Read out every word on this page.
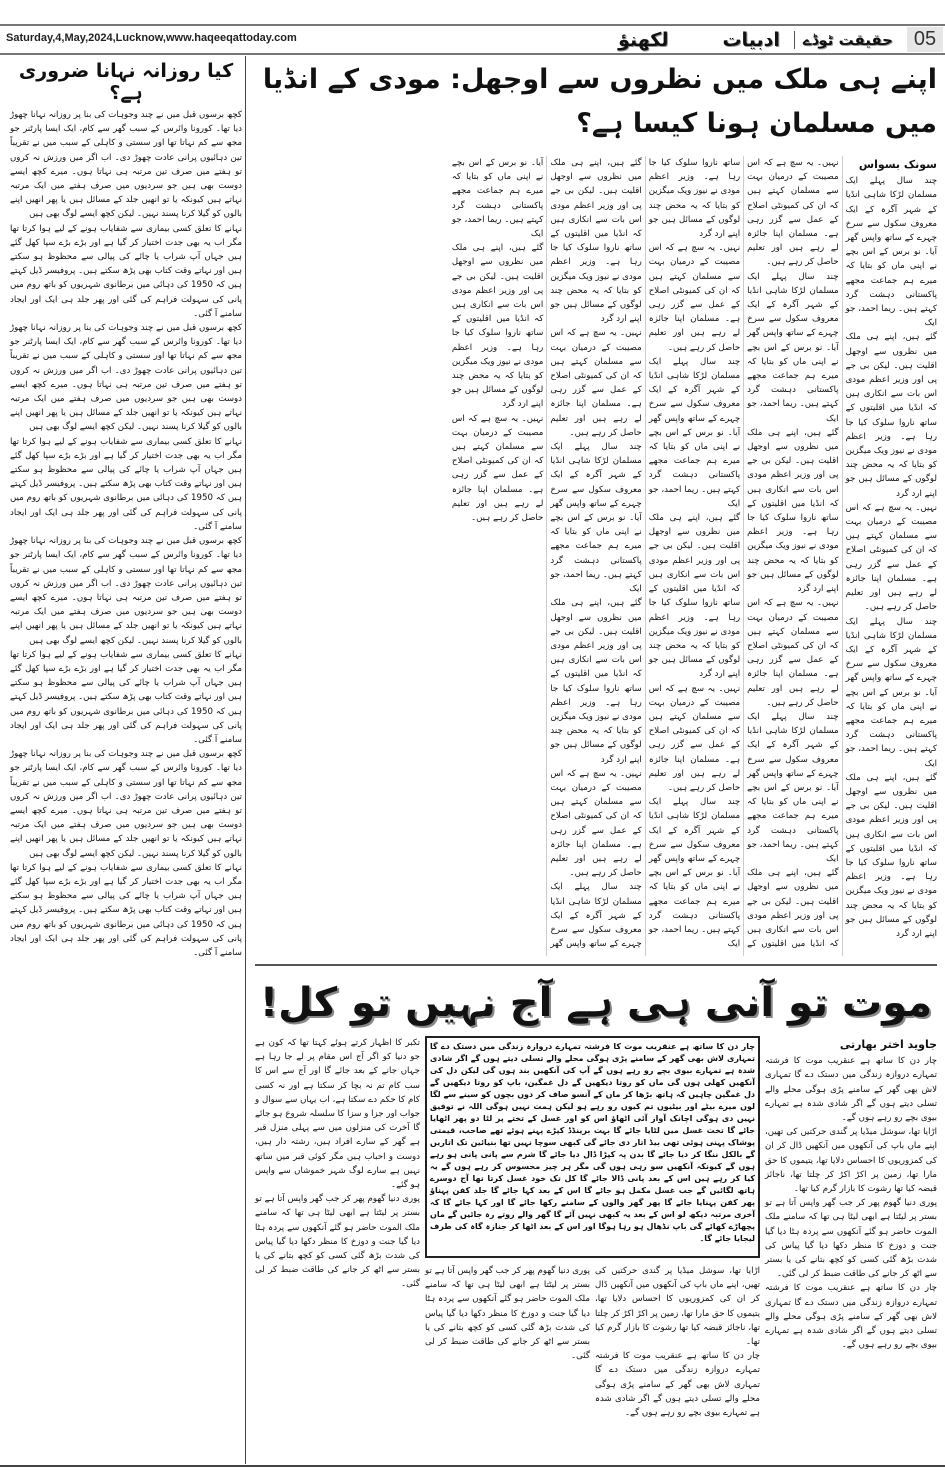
Saturday,4,May,2024,Lucknow,www.haqeeqattoday.com	05
حقیقت ٹوڈے
ادبیات
لکھنؤ
کیا روزانہ نہانا ضروری ہے؟

کچھ برسوں قبل میں نے چند وجوہات کی بنا پر روزانہ نہانا چھوڑ دیا تھا۔ کورونا وائرس کے سبب گھر سے کام، ایک ایسا پارٹنر جو مجھ سے کم نہاتا تھا اور سستی و کاہلی کے سبب میں نے تقریباً تین دہائیوں پرانی عادت چھوڑ دی۔ اب اگر میں ورزش نہ کروں تو ہفتے میں صرف تین مرتبہ ہی نہاتا ہوں۔ میرے کچھ ایسے دوست بھی ہیں جو سردیوں میں صرف ہفتے میں ایک مرتبہ نہاتے ہیں کیونکہ یا تو انھیں جلد کے مسائل ہیں یا پھر انھیں اپنے بالوں کو گیلا کرنا پسند نہیں۔ لیکن کچھ ایسے لوگ بھی ہیں

نہانے کا تعلق کسی بیماری سے شفایاب ہونے کے لیے ہوا کرتا تھا مگر اب یہ بھی جدت اختیار کر گیا ہے اور بڑے بڑے سپا کھل گئے ہیں جہاں آپ شراب یا چائے کی پیالی سے محظوظ ہو سکتے ہیں اور نہاتے وقت کتاب بھی پڑھ سکتے ہیں۔ پروفیسر ڈیل کہتے ہیں کہ 1950 کی دہائی میں برطانوی شہریوں کو باتھ روم میں پانی کی سہولت فراہم کی گئی اور پھر جلد ہی ایک اور ایجاد سامنے آ گئی۔

کچھ برسوں قبل میں نے چند وجوہات کی بنا پر روزانہ نہانا چھوڑ دیا تھا۔ کورونا وائرس کے سبب گھر سے کام، ایک ایسا پارٹنر جو مجھ سے کم نہاتا تھا اور سستی و کاہلی کے سبب میں نے تقریباً تین دہائیوں پرانی عادت چھوڑ دی۔ اب اگر میں ورزش نہ کروں تو ہفتے میں صرف تین مرتبہ ہی نہاتا ہوں۔ میرے کچھ ایسے دوست بھی ہیں جو سردیوں میں صرف ہفتے میں ایک مرتبہ نہاتے ہیں کیونکہ یا تو انھیں جلد کے مسائل ہیں یا پھر انھیں اپنے بالوں کو گیلا کرنا پسند نہیں۔ لیکن کچھ ایسے لوگ بھی ہیں

نہانے کا تعلق کسی بیماری سے شفایاب ہونے کے لیے ہوا کرتا تھا مگر اب یہ بھی جدت اختیار کر گیا ہے اور بڑے بڑے سپا کھل گئے ہیں جہاں آپ شراب یا چائے کی پیالی سے محظوظ ہو سکتے ہیں اور نہاتے وقت کتاب بھی پڑھ سکتے ہیں۔ پروفیسر ڈیل کہتے ہیں کہ 1950 کی دہائی میں برطانوی شہریوں کو باتھ روم میں پانی کی سہولت فراہم کی گئی اور پھر جلد ہی ایک اور ایجاد سامنے آ گئی۔

کچھ برسوں قبل میں نے چند وجوہات کی بنا پر روزانہ نہانا چھوڑ دیا تھا۔ کورونا وائرس کے سبب گھر سے کام، ایک ایسا پارٹنر جو مجھ سے کم نہاتا تھا اور سستی و کاہلی کے سبب میں نے تقریباً تین دہائیوں پرانی عادت چھوڑ دی۔ اب اگر میں ورزش نہ کروں تو ہفتے میں صرف تین مرتبہ ہی نہاتا ہوں۔ میرے کچھ ایسے دوست بھی ہیں جو سردیوں میں صرف ہفتے میں ایک مرتبہ نہاتے ہیں کیونکہ یا تو انھیں جلد کے مسائل ہیں یا پھر انھیں اپنے بالوں کو گیلا کرنا پسند نہیں۔ لیکن کچھ ایسے لوگ بھی ہیں

نہانے کا تعلق کسی بیماری سے شفایاب ہونے کے لیے ہوا کرتا تھا مگر اب یہ بھی جدت اختیار کر گیا ہے اور بڑے بڑے سپا کھل گئے ہیں جہاں آپ شراب یا چائے کی پیالی سے محظوظ ہو سکتے ہیں اور نہاتے وقت کتاب بھی پڑھ سکتے ہیں۔ پروفیسر ڈیل کہتے ہیں کہ 1950 کی دہائی میں برطانوی شہریوں کو باتھ روم میں پانی کی سہولت فراہم کی گئی اور پھر جلد ہی ایک اور ایجاد سامنے آ گئی۔

کچھ برسوں قبل میں نے چند وجوہات کی بنا پر روزانہ نہانا چھوڑ دیا تھا۔ کورونا وائرس کے سبب گھر سے کام، ایک ایسا پارٹنر جو مجھ سے کم نہاتا تھا اور سستی و کاہلی کے سبب میں نے تقریباً تین دہائیوں پرانی عادت چھوڑ دی۔ اب اگر میں ورزش نہ کروں تو ہفتے میں صرف تین مرتبہ ہی نہاتا ہوں۔ میرے کچھ ایسے دوست بھی ہیں جو سردیوں میں صرف ہفتے میں ایک مرتبہ نہاتے ہیں کیونکہ یا تو انھیں جلد کے مسائل ہیں یا پھر انھیں اپنے بالوں کو گیلا کرنا پسند نہیں۔ لیکن کچھ ایسے لوگ بھی ہیں

نہانے کا تعلق کسی بیماری سے شفایاب ہونے کے لیے ہوا کرتا تھا مگر اب یہ بھی جدت اختیار کر گیا ہے اور بڑے بڑے سپا کھل گئے ہیں جہاں آپ شراب یا چائے کی پیالی سے محظوظ ہو سکتے ہیں اور نہاتے وقت کتاب بھی پڑھ سکتے ہیں۔ پروفیسر ڈیل کہتے ہیں کہ 1950 کی دہائی میں برطانوی شہریوں کو باتھ روم میں پانی کی سہولت فراہم کی گئی اور پھر جلد ہی ایک اور ایجاد سامنے آ گئی۔

اپنے ہی ملک میں نظروں سے اوجھل: مودی کے انڈیا میں مسلمان ہونا کیسا ہے؟
سونک بسواس

چند سال پہلے ایک مسلمان لڑکا شاہی انڈیا کے شہر آگرہ کے ایک معروف سکول سے سرخ چہرے کے ساتھ واپس گھر آیا۔ نو برس کے اس بچے نے اپنی ماں کو بتایا کہ میرے ہم جماعت مجھے پاکستانی دہشت گرد کہتے ہیں۔ ریما احمد، جو ایک

گئے ہیں، اپنے ہی ملک میں نظروں سے اوجھل اقلیت ہیں۔ لیکن بی جے پی اور وزیر اعظم مودی اس بات سے انکاری ہیں کہ انڈیا میں اقلیتوں کے ساتھ ناروا سلوک کیا جا رہا ہے۔ وزیر اعظم مودی نے نیوز ویک میگزین کو بتایا کہ یہ محض چند لوگوں کے مسائل ہیں جو اپنے ارد گرد

نہیں۔ یہ سچ ہے کہ اس مصیبت کے درمیان بہت سے مسلمان کہتے ہیں کہ ان کی کمیونٹی اصلاح کے عمل سے گزر رہی ہے۔ مسلمان اپنا جائزہ لے رہے ہیں اور تعلیم حاصل کر رہے ہیں۔

چند سال پہلے ایک مسلمان لڑکا شاہی انڈیا کے شہر آگرہ کے ایک معروف سکول سے سرخ چہرے کے ساتھ واپس گھر آیا۔ نو برس کے اس بچے نے اپنی ماں کو بتایا کہ میرے ہم جماعت مجھے پاکستانی دہشت گرد کہتے ہیں۔ ریما احمد، جو ایک

گئے ہیں، اپنے ہی ملک میں نظروں سے اوجھل اقلیت ہیں۔ لیکن بی جے پی اور وزیر اعظم مودی اس بات سے انکاری ہیں کہ انڈیا میں اقلیتوں کے ساتھ ناروا سلوک کیا جا رہا ہے۔ وزیر اعظم مودی نے نیوز ویک میگزین کو بتایا کہ یہ محض چند لوگوں کے مسائل ہیں جو اپنے ارد گرد

نہیں۔ یہ سچ ہے کہ اس مصیبت کے درمیان بہت سے مسلمان کہتے ہیں کہ ان کی کمیونٹی اصلاح کے عمل سے گزر رہی ہے۔ مسلمان اپنا جائزہ لے رہے ہیں اور تعلیم حاصل کر رہے ہیں۔

چند سال پہلے ایک مسلمان لڑکا شاہی انڈیا کے شہر آگرہ کے ایک معروف سکول سے سرخ چہرے کے ساتھ واپس گھر آیا۔ نو برس کے اس بچے نے اپنی ماں کو بتایا کہ میرے ہم جماعت مجھے پاکستانی دہشت گرد کہتے ہیں۔ ریما احمد، جو ایک

گئے ہیں، اپنے ہی ملک میں نظروں سے اوجھل اقلیت ہیں۔ لیکن بی جے پی اور وزیر اعظم مودی اس بات سے انکاری ہیں کہ انڈیا میں اقلیتوں کے ساتھ ناروا سلوک کیا جا رہا ہے۔ وزیر اعظم مودی نے نیوز ویک میگزین کو بتایا کہ یہ محض چند لوگوں کے مسائل ہیں جو اپنے ارد گرد

نہیں۔ یہ سچ ہے کہ اس مصیبت کے درمیان بہت سے مسلمان کہتے ہیں کہ ان کی کمیونٹی اصلاح کے عمل سے گزر رہی ہے۔ مسلمان اپنا جائزہ لے رہے ہیں اور تعلیم حاصل کر رہے ہیں۔

چند سال پہلے ایک مسلمان لڑکا شاہی انڈیا کے شہر آگرہ کے ایک معروف سکول سے سرخ چہرے کے ساتھ واپس گھر آیا۔ نو برس کے اس بچے نے اپنی ماں کو بتایا کہ میرے ہم جماعت مجھے پاکستانی دہشت گرد کہتے ہیں۔ ریما احمد، جو ایک

گئے ہیں، اپنے ہی ملک میں نظروں سے اوجھل اقلیت ہیں۔ لیکن بی جے پی اور وزیر اعظم مودی اس بات سے انکاری ہیں کہ انڈیا میں اقلیتوں کے ساتھ ناروا سلوک کیا جا رہا ہے۔ وزیر اعظم مودی نے نیوز ویک میگزین کو بتایا کہ یہ محض چند لوگوں کے مسائل ہیں جو اپنے ارد گرد

نہیں۔ یہ سچ ہے کہ اس مصیبت کے درمیان بہت سے مسلمان کہتے ہیں کہ ان کی کمیونٹی اصلاح کے عمل سے گزر رہی ہے۔ مسلمان اپنا جائزہ لے رہے ہیں اور تعلیم حاصل کر رہے ہیں۔

چند سال پہلے ایک مسلمان لڑکا شاہی انڈیا کے شہر آگرہ کے ایک معروف سکول سے سرخ چہرے کے ساتھ واپس گھر آیا۔ نو برس کے اس بچے نے اپنی ماں کو بتایا کہ میرے ہم جماعت مجھے پاکستانی دہشت گرد کہتے ہیں۔ ریما احمد، جو ایک

گئے ہیں، اپنے ہی ملک میں نظروں سے اوجھل اقلیت ہیں۔ لیکن بی جے پی اور وزیر اعظم مودی اس بات سے انکاری ہیں کہ انڈیا میں اقلیتوں کے ساتھ ناروا سلوک کیا جا رہا ہے۔ وزیر اعظم مودی نے نیوز ویک میگزین کو بتایا کہ یہ محض چند لوگوں کے مسائل ہیں جو اپنے ارد گرد

نہیں۔ یہ سچ ہے کہ اس مصیبت کے درمیان بہت سے مسلمان کہتے ہیں کہ ان کی کمیونٹی اصلاح کے عمل سے گزر رہی ہے۔ مسلمان اپنا جائزہ لے رہے ہیں اور تعلیم حاصل کر رہے ہیں۔

چند سال پہلے ایک مسلمان لڑکا شاہی انڈیا کے شہر آگرہ کے ایک معروف سکول سے سرخ چہرے کے ساتھ واپس گھر آیا۔ نو برس کے اس بچے نے اپنی ماں کو بتایا کہ میرے ہم جماعت مجھے پاکستانی دہشت گرد کہتے ہیں۔ ریما احمد، جو ایک

گئے ہیں، اپنے ہی ملک میں نظروں سے اوجھل اقلیت ہیں۔ لیکن بی جے پی اور وزیر اعظم مودی اس بات سے انکاری ہیں کہ انڈیا میں اقلیتوں کے ساتھ ناروا سلوک کیا جا رہا ہے۔ وزیر اعظم مودی نے نیوز ویک میگزین کو بتایا کہ یہ محض چند لوگوں کے مسائل ہیں جو اپنے ارد گرد

نہیں۔ یہ سچ ہے کہ اس مصیبت کے درمیان بہت سے مسلمان کہتے ہیں کہ ان کی کمیونٹی اصلاح کے عمل سے گزر رہی ہے۔ مسلمان اپنا جائزہ لے رہے ہیں اور تعلیم حاصل کر رہے ہیں۔

چند سال پہلے ایک مسلمان لڑکا شاہی انڈیا کے شہر آگرہ کے ایک معروف سکول سے سرخ چہرے کے ساتھ واپس گھر آیا۔ نو برس کے اس بچے نے اپنی ماں کو بتایا کہ میرے ہم جماعت مجھے پاکستانی دہشت گرد کہتے ہیں۔ ریما احمد، جو ایک

گئے ہیں، اپنے ہی ملک میں نظروں سے اوجھل اقلیت ہیں۔ لیکن بی جے پی اور وزیر اعظم مودی اس بات سے انکاری ہیں کہ انڈیا میں اقلیتوں کے ساتھ ناروا سلوک کیا جا رہا ہے۔ وزیر اعظم مودی نے نیوز ویک میگزین کو بتایا کہ یہ محض چند لوگوں کے مسائل ہیں جو اپنے ارد گرد

نہیں۔ یہ سچ ہے کہ اس مصیبت کے درمیان بہت سے مسلمان کہتے ہیں کہ ان کی کمیونٹی اصلاح کے عمل سے گزر رہی ہے۔ مسلمان اپنا جائزہ لے رہے ہیں اور تعلیم حاصل کر رہے ہیں۔

چند سال پہلے ایک مسلمان لڑکا شاہی انڈیا کے شہر آگرہ کے ایک معروف سکول سے سرخ چہرے کے ساتھ واپس گھر آیا۔ نو برس کے اس بچے نے اپنی ماں کو بتایا کہ میرے ہم جماعت مجھے پاکستانی دہشت گرد کہتے ہیں۔ ریما احمد، جو ایک

گئے ہیں، اپنے ہی ملک میں نظروں سے اوجھل اقلیت ہیں۔ لیکن بی جے پی اور وزیر اعظم مودی اس بات سے انکاری ہیں کہ انڈیا میں اقلیتوں کے ساتھ ناروا سلوک کیا جا رہا ہے۔ وزیر اعظم مودی نے نیوز ویک میگزین کو بتایا کہ یہ محض چند لوگوں کے مسائل ہیں جو اپنے ارد گرد

نہیں۔ یہ سچ ہے کہ اس مصیبت کے درمیان بہت سے مسلمان کہتے ہیں کہ ان کی کمیونٹی اصلاح کے عمل سے گزر رہی ہے۔ مسلمان اپنا جائزہ لے رہے ہیں اور تعلیم حاصل کر رہے ہیں۔

موت تو آنی ہی ہے آج نہیں تو کل!
جاوید اختر بھارتی

چار دن کا ساتھ ہے عنقریب موت کا فرشتہ تمہارے دروازہ زندگی میں دستک دے گا تمہاری لاش بھی گھر کے سامنے پڑی ہوگی محلے والے تسلی دیتے ہوں گے اگر شادی شدہ ہے تمہارے بیوی بچے رو رہے ہوں گے۔

اڑایا تھا، سوشل میڈیا پر گندی حرکتیں کی تھیں، اپنے ماں باپ کی آنکھوں میں آنکھیں ڈال کر ان کی کمزوریوں کا احساس دلایا تھا، یتیموں کا حق مارا تھا، زمین پر اکڑ اکڑ کر چلتا تھا، ناجائز قبضہ کیا تھا رشوت کا بازار گرم کیا تھا۔

پوری دنیا گھوم پھر کر جب گھر واپس آتا ہے تو بستر پر لیٹتا ہے ابھی لیٹا ہی تھا کہ سامنے ملک الموت حاضر ہو گئے آنکھوں سے پردہ ہٹا دیا گیا جنت و دوزخ کا منظر دکھا دیا گیا پیاس کی شدت بڑھ گئی کسی کو کچھ بتانے کی یا بستر سے اٹھ کر جانے کی طاقت ضبط کر لی گئی۔

چار دن کا ساتھ ہے عنقریب موت کا فرشتہ تمہارے دروازہ زندگی میں دستک دے گا تمہاری لاش بھی گھر کے سامنے پڑی ہوگی محلے والے تسلی دیتے ہوں گے اگر شادی شدہ ہے تمہارے بیوی بچے رو رہے ہوں گے۔

چار دن کا ساتھ ہے عنقریب موت کا فرشتہ تمہارے دروازہ زندگی میں دستک دے گا تمہاری لاش بھی گھر کے سامنے پڑی ہوگی محلے والے تسلی دیتے ہوں گے اگر شادی شدہ ہے تمہارے بیوی بچے رو رہے ہوں گے آپ کی آنکھیں بند ہوں گی لیکن دل کی آنکھیں کھلی ہوں گی ماں کو روتا دیکھیں گے دل غمگین، باپ کو روتا دیکھیں گے دل غمگین چاہیں کہ ہاتھ بڑھا کر ماں کے آنسو صاف کر دوں بچوں کو سینے سے لگا لوں میرے بیٹے اور بیٹیوں تم کیوں رو رہے ہو لیکن ہمت نہیں ہوگی اللہ نے توفیق نہیں دی ہوگی اچانک آواز آئی اٹھاؤ اس کو اور غسل کے تختے پر لٹا دو پھر اٹھایا جائے گا تخت غسل میں لٹایا جائے گا بہت برینڈڈ کپڑے پہنے ہوئے تھے صاحب، قیمتی پوشاک پہنی ہوئی تھی بیڈ اتار دی جائے گی کبھی سوچا نہیں تھا بنیائین تک اتاریں گے بالکل ننگا کر دیا جائے گا بدن پہ کپڑا ڈال دیا جائے گا شرم سے پانی پانی ہو رہے ہوں گے کیونکہ آنکھیں سو رہی ہوں گی مگر ہر چیز محسوس کر رہے ہوں گے یہ کیا کر رہے ہیں اس کے بعد پانی ڈالا جائے گا کل تک خود غسل کرتا تھا آج دوسرے ہاتھ لگائیں گے جب غسل مکمل ہو جائے گا اس کے بعد کہا جائے گا جلد کفن پہناؤ پھر کفن پہنایا جائے گا پھر گھر والوں کے سامنے رکھا جائے گا اور کہا جائے گا کہ آخری مرتبہ دیکھ لو اس کے بعد یہ کبھی نہیں آئے گا گھر والے روتے رہ جائیں گے ماں پچھاڑے کھائے گی باپ نڈھال ہو رہا ہوگا اور اس کے بعد اٹھا کر جنازہ گاہ کی طرف لیجایا جائے گا۔

اڑایا تھا، سوشل میڈیا پر گندی حرکتیں کی تھیں، اپنے ماں باپ کی آنکھوں میں آنکھیں ڈال کر ان کی کمزوریوں کا احساس دلایا تھا، یتیموں کا حق مارا تھا، زمین پر اکڑ اکڑ کر چلتا تھا، ناجائز قبضہ کیا تھا رشوت کا بازار گرم کیا تھا۔

چار دن کا ساتھ ہے عنقریب موت کا فرشتہ تمہارے دروازہ زندگی میں دستک دے گا تمہاری لاش بھی گھر کے سامنے پڑی ہوگی محلے والے تسلی دیتے ہوں گے اگر شادی شدہ ہے تمہارے بیوی بچے رو رہے ہوں گے۔

پوری دنیا گھوم پھر کر جب گھر واپس آتا ہے تو بستر پر لیٹتا ہے ابھی لیٹا ہی تھا کہ سامنے ملک الموت حاضر ہو گئے آنکھوں سے پردہ ہٹا دیا گیا جنت و دوزخ کا منظر دکھا دیا گیا پیاس کی شدت بڑھ گئی کسی کو کچھ بتانے کی یا بستر سے اٹھ کر جانے کی طاقت ضبط کر لی گئی۔

تکبر کا اظہار کرتے ہوئے کہتا تھا کہ کون ہے جو دنیا کو اگر آج اس مقام پر لے جا رہا ہے جہاں جانے کے بعد جائے گا اور آج سے اس کا سب کام تم نہ بچا کر سکتا ہے اور نہ کسی کام کا حکم دے سکتا ہے، اب یہاں سے سوال و جواب اور جزا و سزا کا سلسلہ شروع ہو جائے گا آخرت کی منزلوں میں سے پہلی منزل قبر ہے گھر کے سارے افراد ہیں، رشتہ دار ہیں، دوست و احباب ہیں مگر کوئی قبر میں ساتھ نہیں ہے سارے لوگ شہر خموشاں سے واپس ہو گئے۔

پوری دنیا گھوم پھر کر جب گھر واپس آتا ہے تو بستر پر لیٹتا ہے ابھی لیٹا ہی تھا کہ سامنے ملک الموت حاضر ہو گئے آنکھوں سے پردہ ہٹا دیا گیا جنت و دوزخ کا منظر دکھا دیا گیا پیاس کی شدت بڑھ گئی کسی کو کچھ بتانے کی یا بستر سے اٹھ کر جانے کی طاقت ضبط کر لی گئی۔
